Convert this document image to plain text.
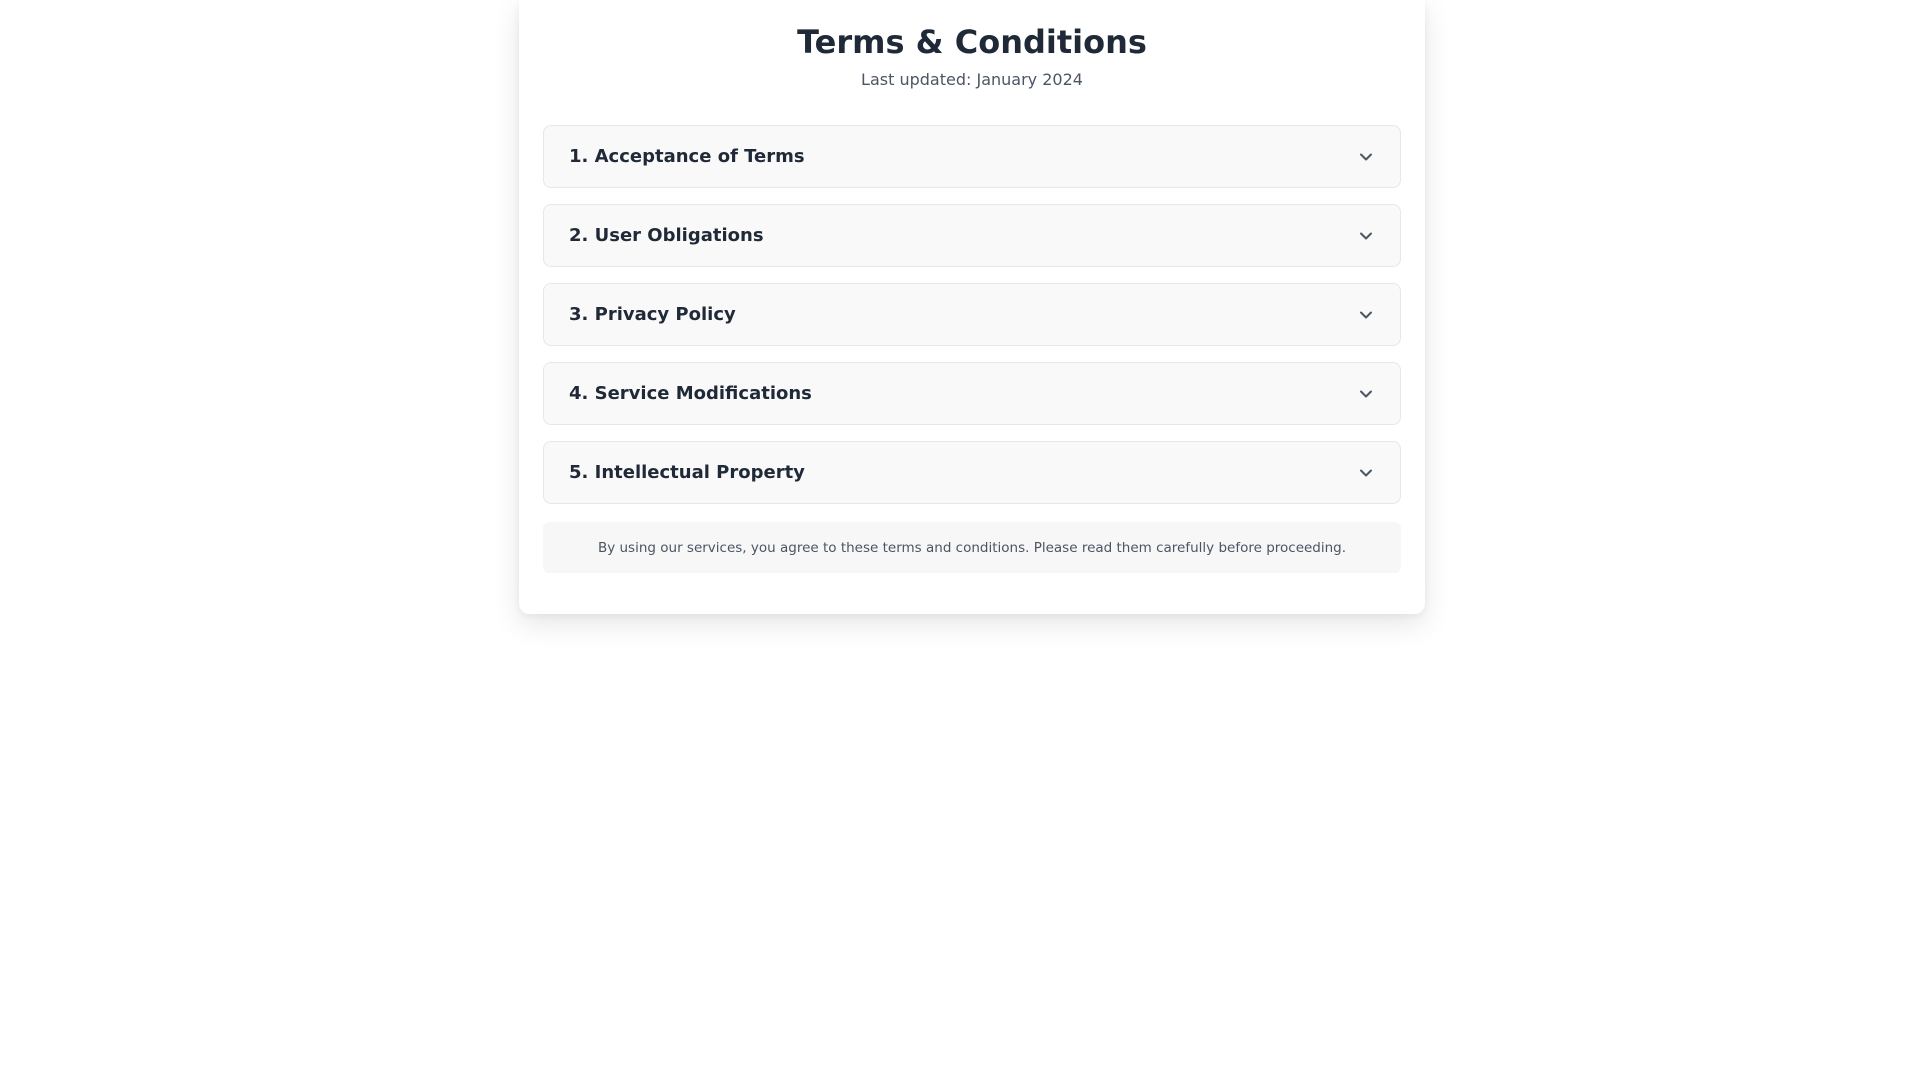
Terms & Conditions

Last updated: January 2024

1. Acceptance of Terms
2. User Obligations
3. Privacy Policy
4. Service Modifications
5. Intellectual Property
By using our services, you agree to these terms and conditions. Please read them carefully before proceeding.
